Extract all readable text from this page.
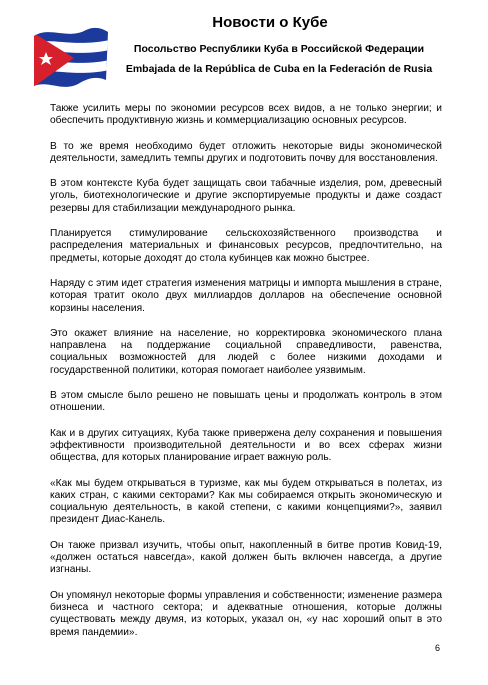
Новости о Кубе
Посольство Республики Куба в Российской Федерации
Embajada de la República de Cuba en la Federación de Rusia

Также усилить меры по экономии ресурсов всех видов, а не только энергии; и обеспечить продуктивную жизнь и коммерциализацию основных ресурсов.

В то же время необходимо будет отложить некоторые виды экономической деятельности, замедлить темпы других и подготовить почву для восстановления.

В этом контексте Куба будет защищать свои табачные изделия, ром, древесный уголь, биотехнологические и другие экспортируемые продукты и даже создаст резервы для стабилизации международного рынка.

Планируется стимулирование сельскохозяйственного производства и распределения материальных и финансовых ресурсов, предпочтительно, на предметы, которые доходят до стола кубинцев как можно быстрее.

Наряду с этим идет стратегия изменения матрицы и импорта мышления в стране, которая тратит около двух миллиардов долларов на обеспечение основной корзины населения.

Это окажет влияние на население, но корректировка экономического плана направлена на поддержание социальной справедливости, равенства, социальных возможностей для людей с более низкими доходами и государственной политики, которая помогает наиболее уязвимым.

В этом смысле было решено не повышать цены и продолжать контроль в этом отношении.

Как и в других ситуациях, Куба также привержена делу сохранения и повышения эффективности производительной деятельности и во всех сферах жизни общества, для которых планирование играет важную роль.

«Как мы будем открываться в туризме, как мы будем открываться в полетах, из каких стран, с какими секторами? Как мы собираемся открыть экономическую и социальную деятельность, в какой степени, с какими концепциями?», заявил президент Диас-Канель.

Он также призвал изучить, чтобы опыт, накопленный в битве против Ковид-19, «должен остаться навсегда», какой должен быть включен навсегда, а другие изгнаны.

Он упомянул некоторые формы управления и собственности; изменение размера бизнеса и частного сектора; и адекватные отношения, которые должны существовать между двумя, из которых, указал он, «у нас хороший опыт в это время пандемии».

6
